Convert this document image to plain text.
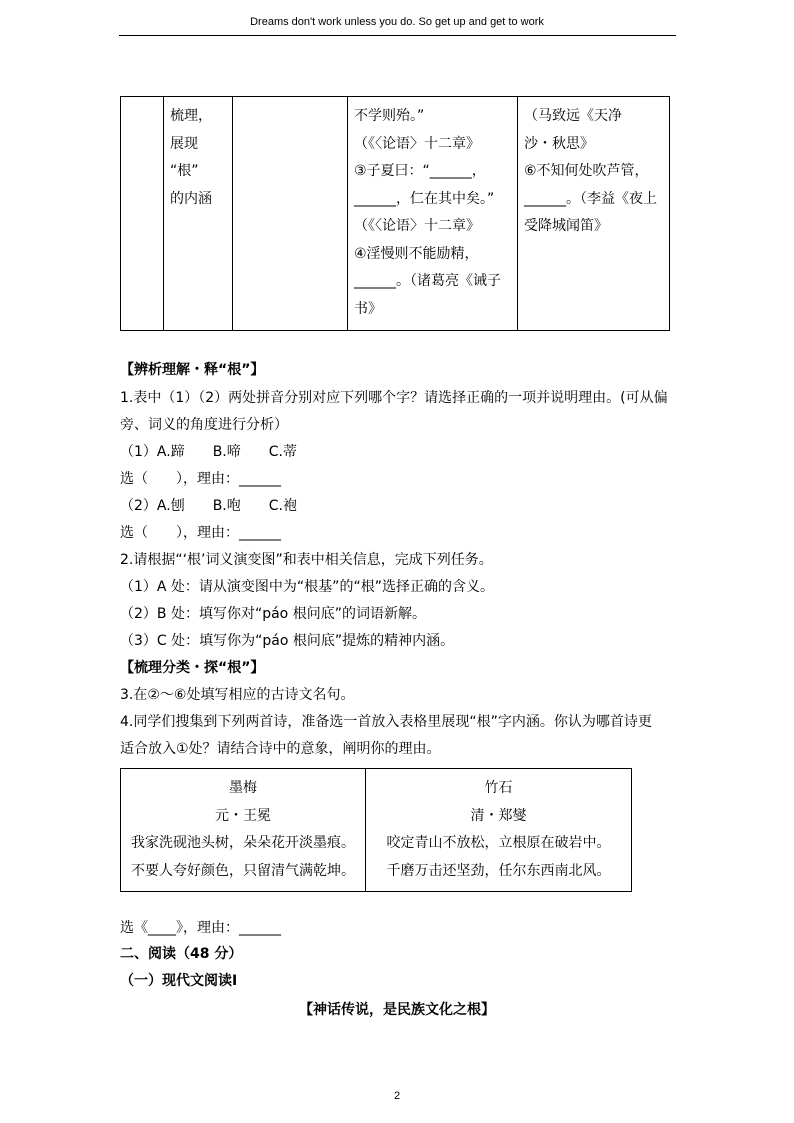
Dreams don't work unless you do. So get up and get to work

梳理，
展现
“根”
的内涵

不学则殆。”
（《〈论语〉十二章》
③子夏曰：“______，
______，仁在其中矣。”
（《〈论语〉十二章》
④淫慢则不能励精，
______。（诸葛亮《诫子
书》

（马致远《天净
沙・秋思》
⑥不知何处吹芦管，
______。（李益《夜上
受降城闻笛》
【辨析理解・释“根”】
1.表中（1）（2）两处拼音分别对应下列哪个字？请选择正确的一项并说明理由。(可从偏
旁、词义的角度进行分析）
（1）A.蹄　　B.啼　　C.蒂
选（　　），理由：______
（2）A.刨　　B.咆　　C.袍
选（　　），理由：______
2.请根据“‘根’词义演变图”和表中相关信息，完成下列任务。
（1）A 处：请从演变图中为“根基”的“根”选择正确的含义。
（2）B 处：填写你对“páo 根问底”的词语新解。
（3）C 处：填写你为“páo 根问底”提炼的精神内涵。
【梳理分类・探“根”】
3.在②～⑥处填写相应的古诗文名句。
4.同学们搜集到下列两首诗，准备选一首放入表格里展现“根”字内涵。你认为哪首诗更
适合放入①处？请结合诗中的意象，阐明你的理由。
墨梅
元・王冕
我家洗砚池头树，朵朵花开淡墨痕。
不要人夸好颜色，只留清气满乾坤。

竹石
清・郑燮
咬定青山不放松，立根原在破岩中。
千磨万击还坚劲，任尔东西南北风。
选《____》，理由：______
二、阅读（48 分）
（一）现代文阅读Ⅰ
【神话传说，是民族文化之根】
2
